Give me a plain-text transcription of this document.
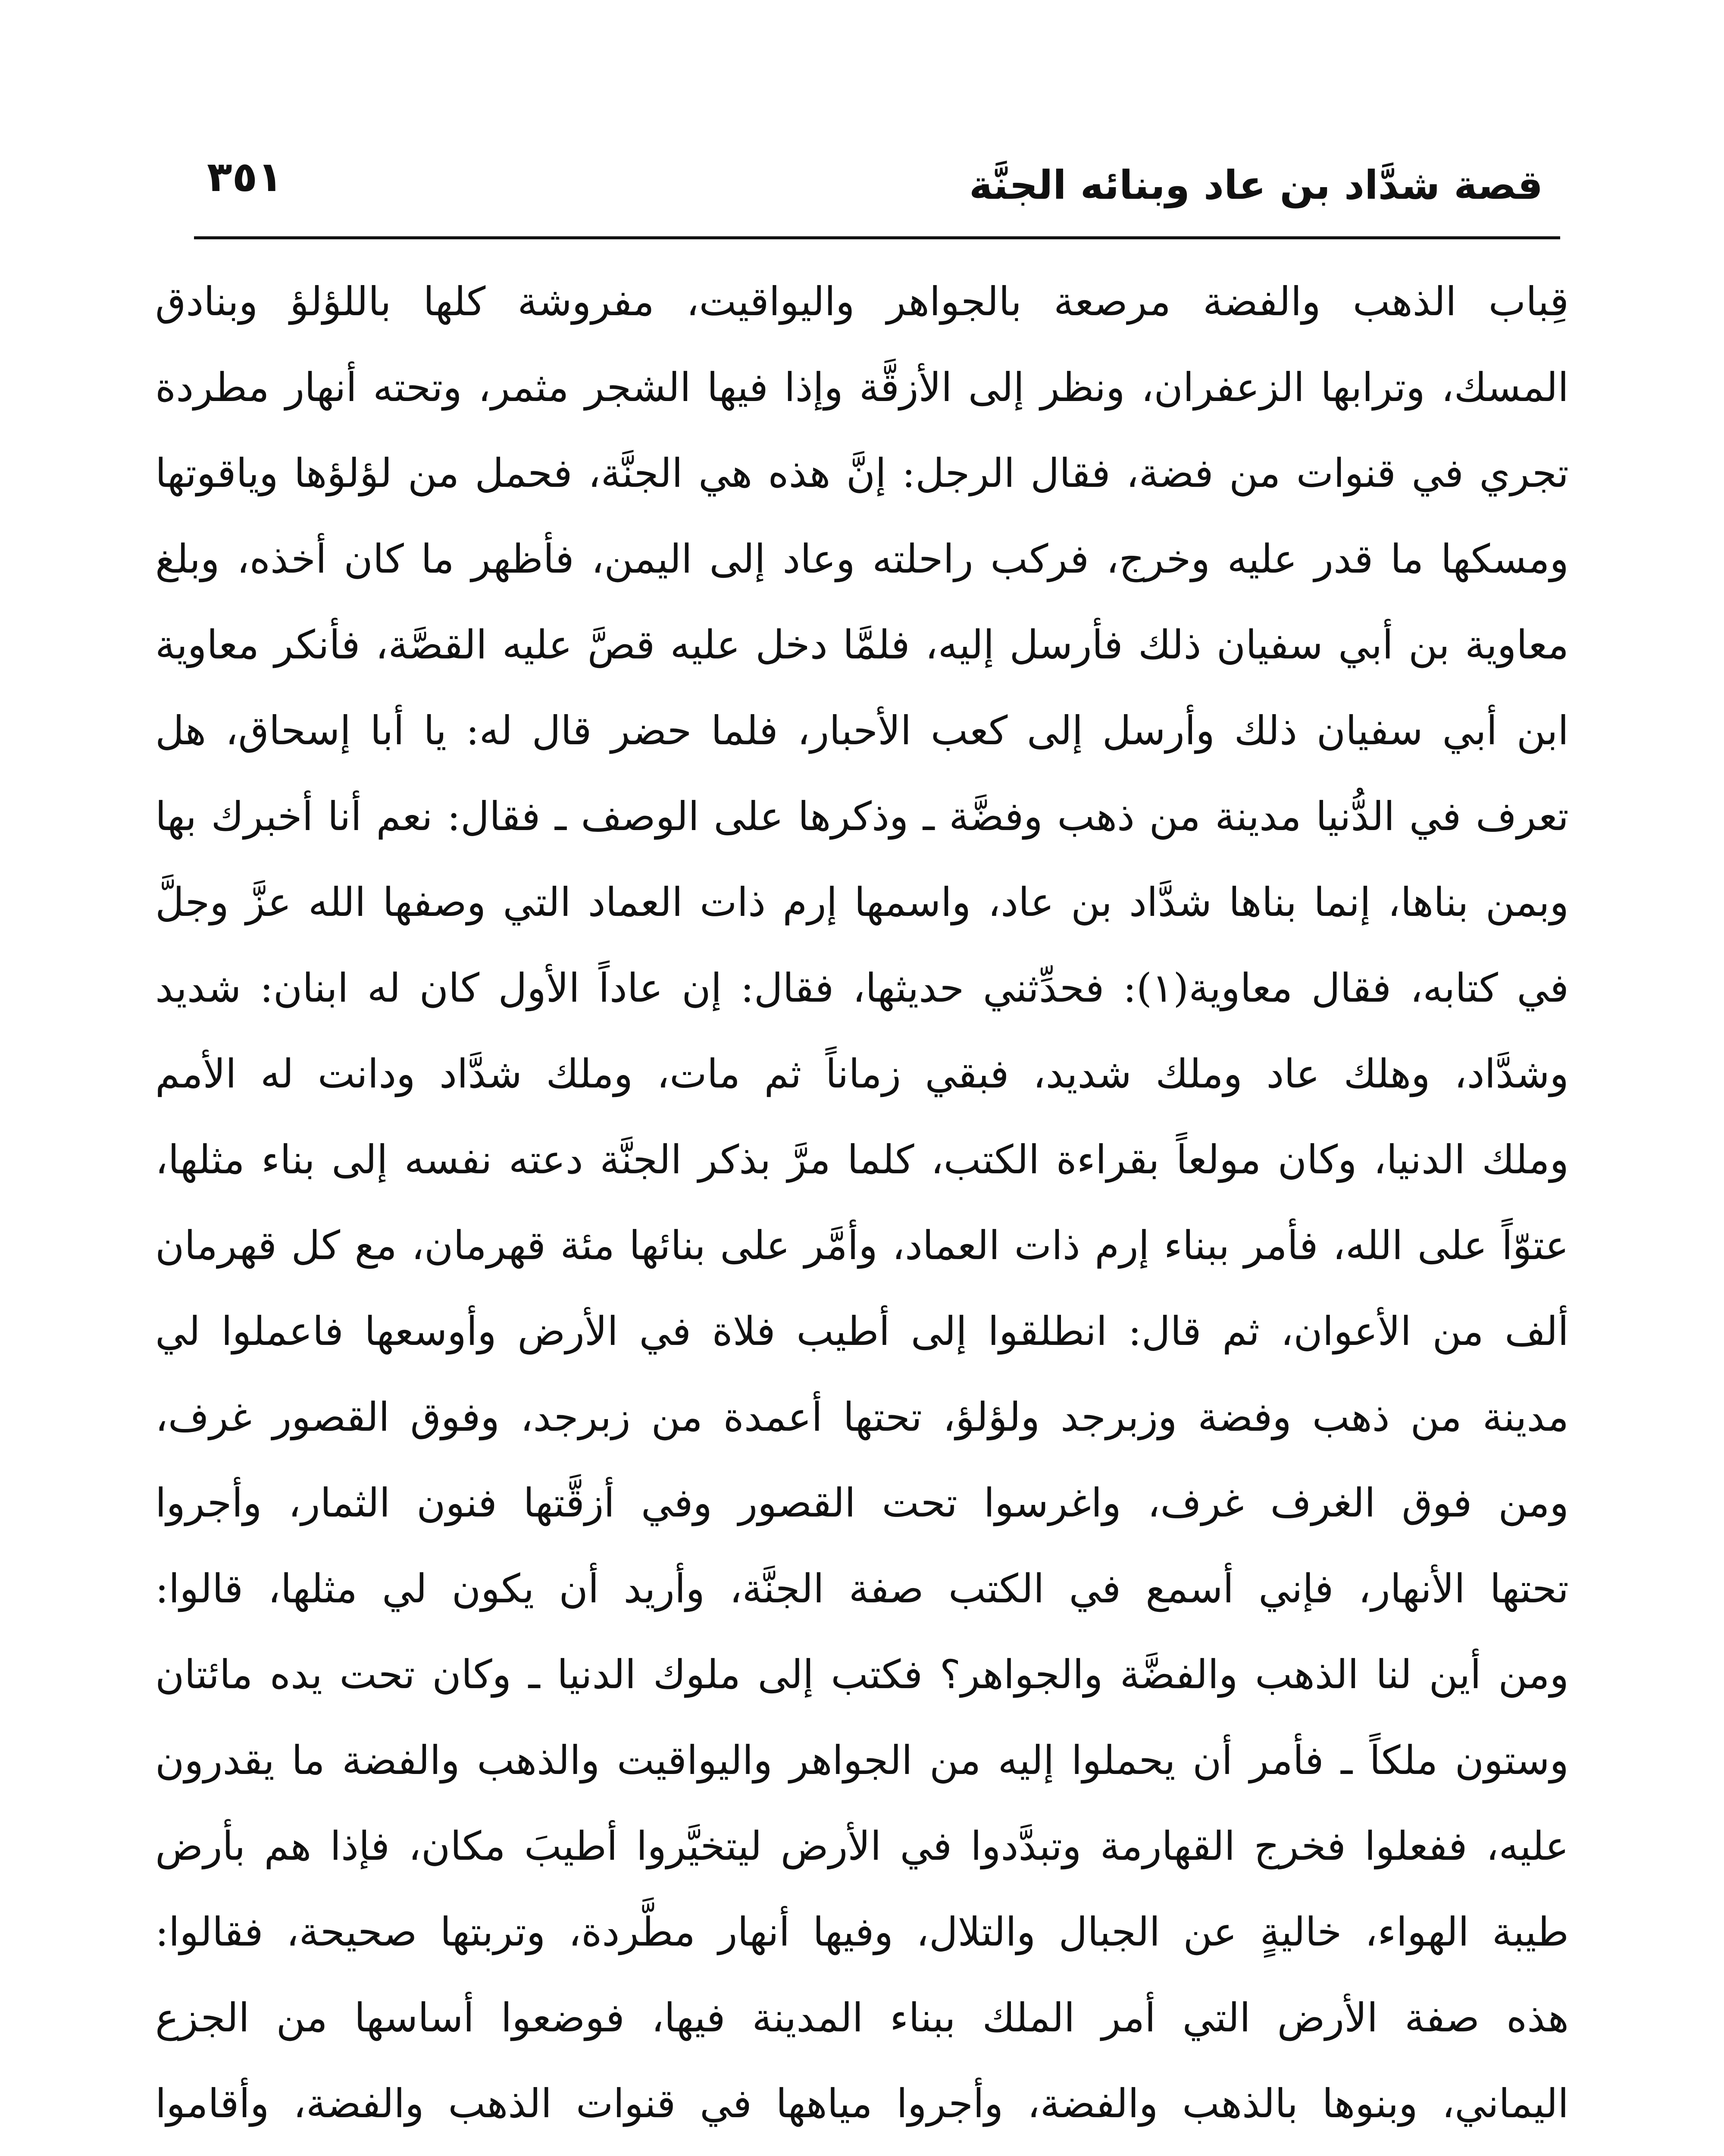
قصة شدَّاد بن عاد وبنائه الجنَّة
٣٥١
قِباب الذهب والفضة مرصعة بالجواهر واليواقيت، مفروشة كلها باللؤلؤ وبنادق
المسك، وترابها الزعفران، ونظر إلى الأزقَّة وإذا فيها الشجر مثمر، وتحته أنهار مطردة
تجري في قنوات من فضة، فقال الرجل: إنَّ هذه هي الجنَّة، فحمل من لؤلؤها وياقوتها
ومسكها ما قدر عليه وخرج، فركب راحلته وعاد إلى اليمن، فأظهر ما كان أخذه، وبلغ
معاوية بن أبي سفيان ذلك فأرسل إليه، فلمَّا دخل عليه قصَّ عليه القصَّة، فأنكر معاوية
ابن أبي سفيان ذلك وأرسل إلى كعب الأحبار، فلما حضر قال له: يا أبا إسحاق، هل
تعرف في الدُّنيا مدينة من ذهب وفضَّة ـ وذكرها على الوصف ـ فقال: نعم أنا أخبرك بها
وبمن بناها، إنما بناها شدَّاد بن عاد، واسمها إرم ذات العماد التي وصفها الله عزَّ وجلَّ
في كتابه، فقال معاوية(١): فحدِّثني حديثها، فقال: إن عاداً الأول كان له ابنان: شديد
وشدَّاد، وهلك عاد وملك شديد، فبقي زماناً ثم مات، وملك شدَّاد ودانت له الأمم
وملك الدنيا، وكان مولعاً بقراءة الكتب، كلما مرَّ بذكر الجنَّة دعته نفسه إلى بناء مثلها،
عتوّاً على الله، فأمر ببناء إرم ذات العماد، وأمَّر على بنائها مئة قهرمان، مع كل قهرمان
ألف من الأعوان، ثم قال: انطلقوا إلى أطيب فلاة في الأرض وأوسعها فاعملوا لي
مدينة من ذهب وفضة وزبرجد ولؤلؤ، تحتها أعمدة من زبرجد، وفوق القصور غرف،
ومن فوق الغرف غرف، واغرسوا تحت القصور وفي أزقَّتها فنون الثمار، وأجروا
تحتها الأنهار، فإني أسمع في الكتب صفة الجنَّة، وأريد أن يكون لي مثلها، قالوا:
ومن أين لنا الذهب والفضَّة والجواهر؟ فكتب إلى ملوك الدنيا ـ وكان تحت يده مائتان
وستون ملكاً ـ فأمر أن يحملوا إليه من الجواهر واليواقيت والذهب والفضة ما يقدرون
عليه، ففعلوا فخرج القهارمة وتبدَّدوا في الأرض ليتخيَّروا أطيبَ مكان، فإذا هم بأرض
طيبة الهواء، خاليةٍ عن الجبال والتلال، وفيها أنهار مطَّردة، وتربتها صحيحة، فقالوا:
هذه صفة الأرض التي أمر الملك ببناء المدينة فيها، فوضعوا أساسها من الجزع
اليماني، وبنوها بالذهب والفضة، وأجروا مياهها في قنوات الذهب والفضة، وأقاموا
